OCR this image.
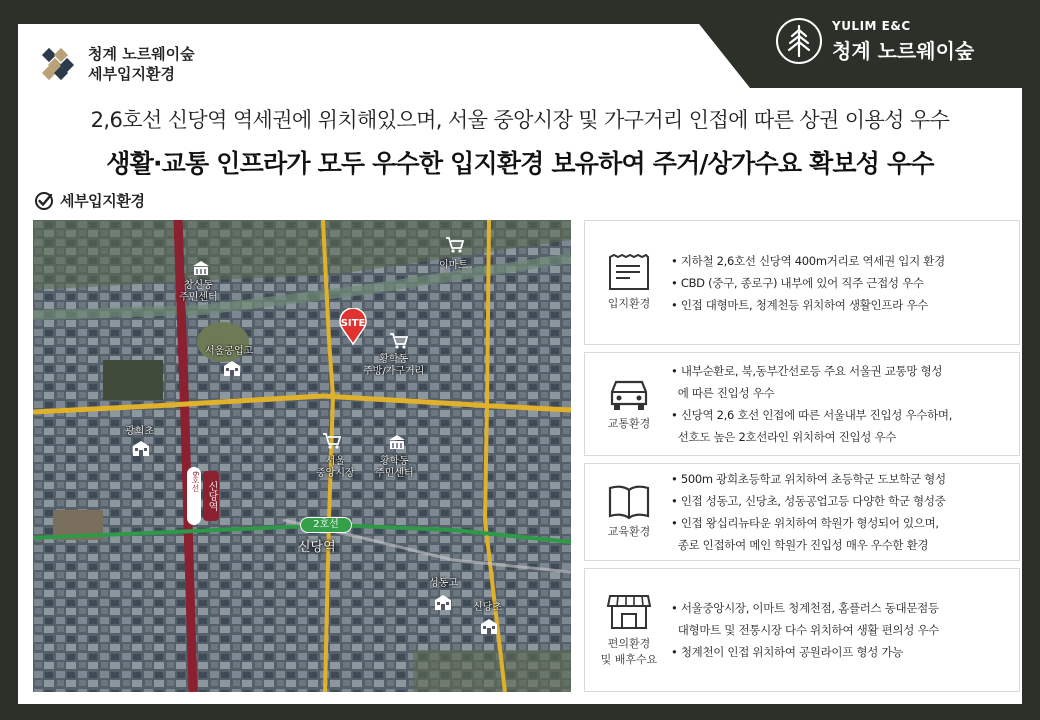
청계 노르웨이숲
세부입지환경
YULIM E&C
청계 노르웨이숲
2,6호선 신당역 역세권에 위치해있으며, 서울 중앙시장 및 가구거리 인접에 따른 상권 이용성 우수
생활·교통 인프라가 모두 우수한 입지환경 보유하여 주거/상가수요 확보성 우수
세부입지환경
이마트
창신동
주민센터
서울공업고
황학동
주방/가구거리
광희초
서울
중앙시장
황학동
주민센터
성동고
신당초
SITE
6호선 신당역
2호선
신당역
입지환경
• 지하철 2,6호선 신당역 400m거리로 역세권 입지 환경
• CBD (중구, 종로구) 내부에 있어 직주 근접성 우수
• 인접 대형마트, 청계천등 위치하여 생활인프라 우수
교통환경
• 내부순환로, 북,동부간선로등 주요 서울권 교통망 형성
에 따른 진입성 우수
• 신당역 2,6 호선 인접에 따른 서울내부 진입성 우수하며,
선호도 높은 2호선라인 위치하여 진입성 우수
교육환경
• 500m 광희초등학교 위치하여 초등학군 도보학군 형성
• 인접 성동고, 신당초, 성동공업고등 다양한 학군 형성중
• 인접 왕십리뉴타운 위치하여 학원가 형성되어 있으며,
종로 인접하여 메인 학원가 진입성 매우 우수한 환경
편의환경
및 배후수요
• 서울중앙시장, 이마트 청계천점, 홈플러스 동대문점등
대형마트 및 전통시장 다수 위치하여 생활 편의성 우수
• 청계천이 인접 위치하여 공원라이프 형성 가능
